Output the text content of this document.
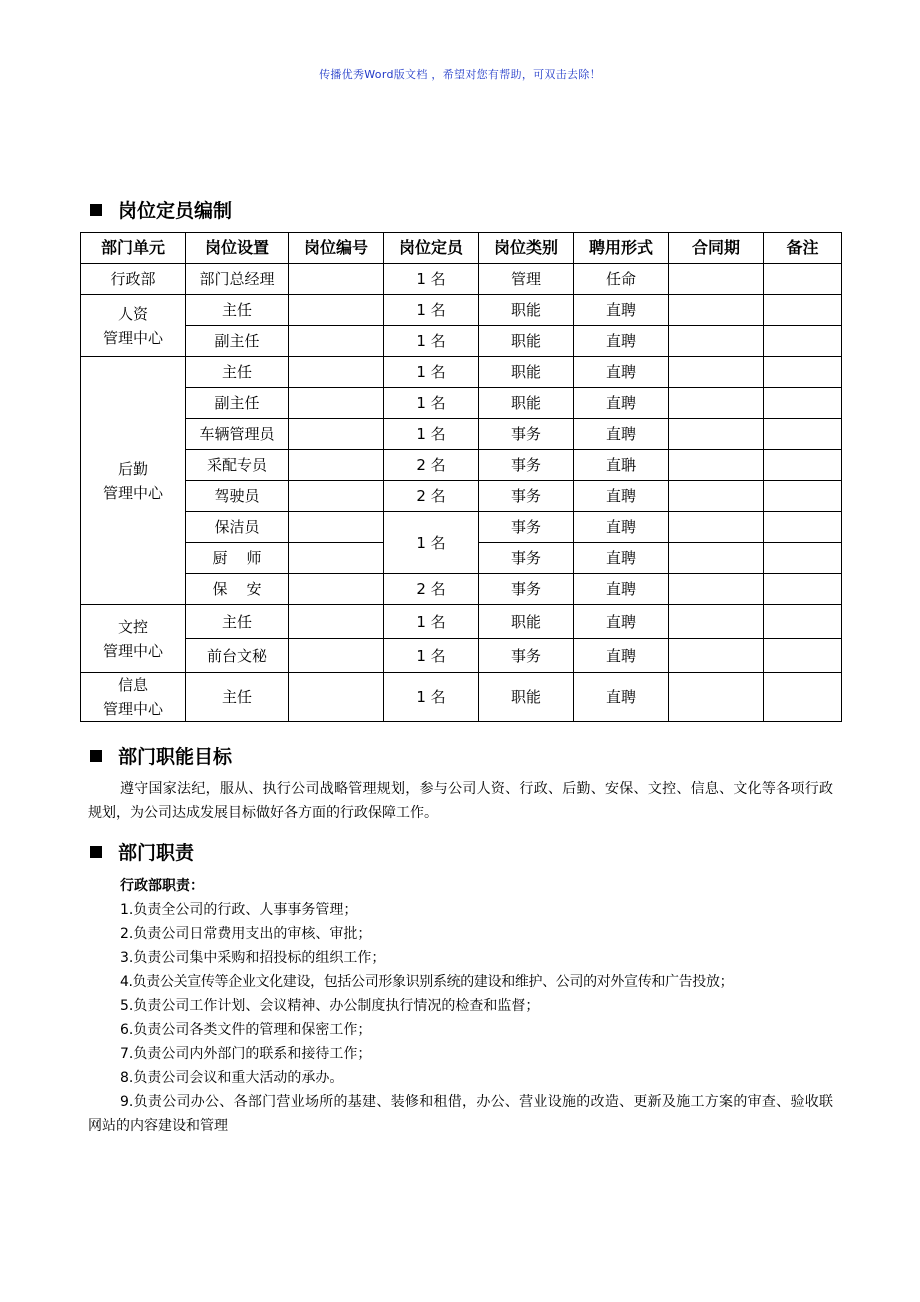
传播优秀Word版文档 ，希望对您有帮助，可双击去除！
岗位定员编制
部门单元	岗位设置	岗位编号	岗位定员	岗位类别	聘用形式	合同期	备注
行政部	部门总经理		1 名	管理	任命		

人资
管理中心	主任		1 名	职能	直聘		
	副主任		1 名	职能	直聘		

后勤
管理中心	主任		1 名	职能	直聘		
	副主任		1 名	职能	直聘		
	车辆管理员		1 名	事务	直聘		
	采配专员		2 名	事务	直聃		
	驾驶员		2 名	事务	直聘		
	保洁员		1 名	事务	直聘		
	厨    师			事务	直聘		
	保    安		2 名	事务	直聘		

文控
管理中心	主任		1 名	职能	直聘		
	前台文秘		1 名	事务	直聘		

信息
管理中心	主任		1 名	职能	直聘		
部门职能目标
遵守国家法纪，服从、执行公司战略管理规划，参与公司人资、行政、后勤、安保、文控、信息、文化等各项行政规划，为公司达成发展目标做好各方面的行政保障工作。
部门职责
行政部职责：
1.负责全公司的行政、人事事务管理；
2.负责公司日常费用支出的审核、审批；
3.负责公司集中采购和招投标的组织工作；
4.负责公关宣传等企业文化建设，包括公司形象识别系统的建设和维护、公司的对外宣传和广告投放；
5.负责公司工作计划、会议精神、办公制度执行情况的检查和监督；
6.负责公司各类文件的管理和保密工作；
7.负责公司内外部门的联系和接待工作；
8.负责公司会议和重大活动的承办。
9.负责公司办公、各部门营业场所的基建、装修和租借，办公、营业设施的改造、更新及施工方案的审查、验收联网站的内容建设和管理
